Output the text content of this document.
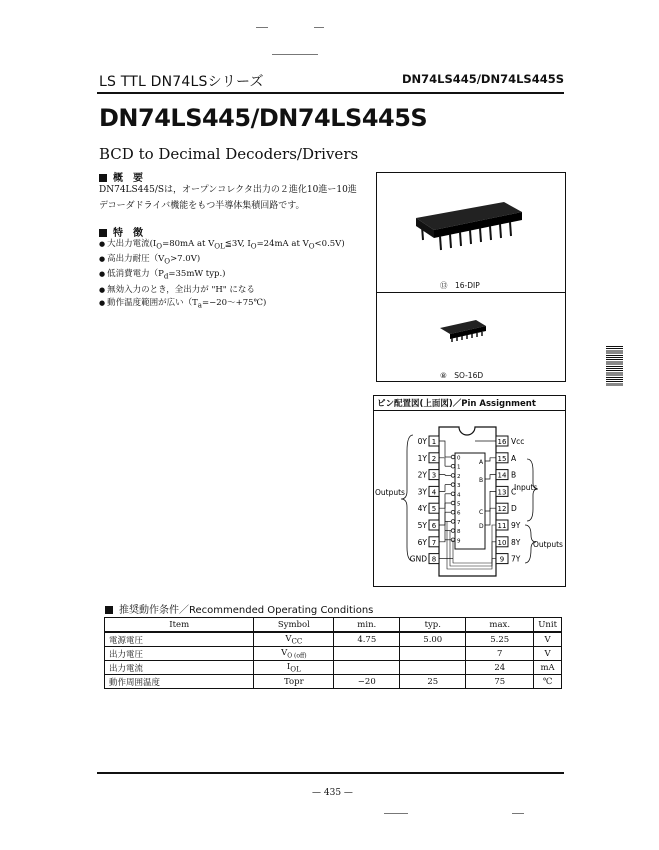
LS TTL DN74LSシリーズ	DN74LS445/DN74LS445S
DN74LS445/DN74LS445S
BCD to Decimal Decoders/Drivers
概　要
DN74LS445/Sは，オープンコレクタ出力の２進化10進ー10進デコーダドライバ機能をもつ半導体集積回路です。
特　徴
● 大出力電流($I_O=80mA$ at $V_{OL}≦3V$, $I_O=24mA$ at $V_O<0.5V$)
● 高出力耐圧$(V_O>7.0V)$
● 低消費電力（$P_d=35mW$ typ.)
● 無効入力のとき，全出力が "H" になる
● 動作温度範囲が広い（$T_a=-20$〜+75℃)
⑬　16-DIP
⑧　SO-16D
ピン配置図(上面図)／Pin Assignment
0Y 1
1Y 2
2Y 3
3Y 4
4Y 5
5Y 6
6Y 7
GND 8
16 Vcc
15 A
14 B
13 C
12 D
11 9Y
10 8Y
9 7Y
0
1
2
3
4
5
6
7
8
9
A
B
C
D
Outputs
Inputs
Outputs
推奨動作条件／Recommended Operating Conditions
Item	Symbol	min.	typ.	max.	Unit
電源電圧	$V_{CC}$	4.75	5.00	5.25	V
出力電圧	$V_{O (off)}$			7	V
出力電流	$I_{OL}$			24	mA
動作周囲温度	Topr	−20	25	75	℃
— 435 —
